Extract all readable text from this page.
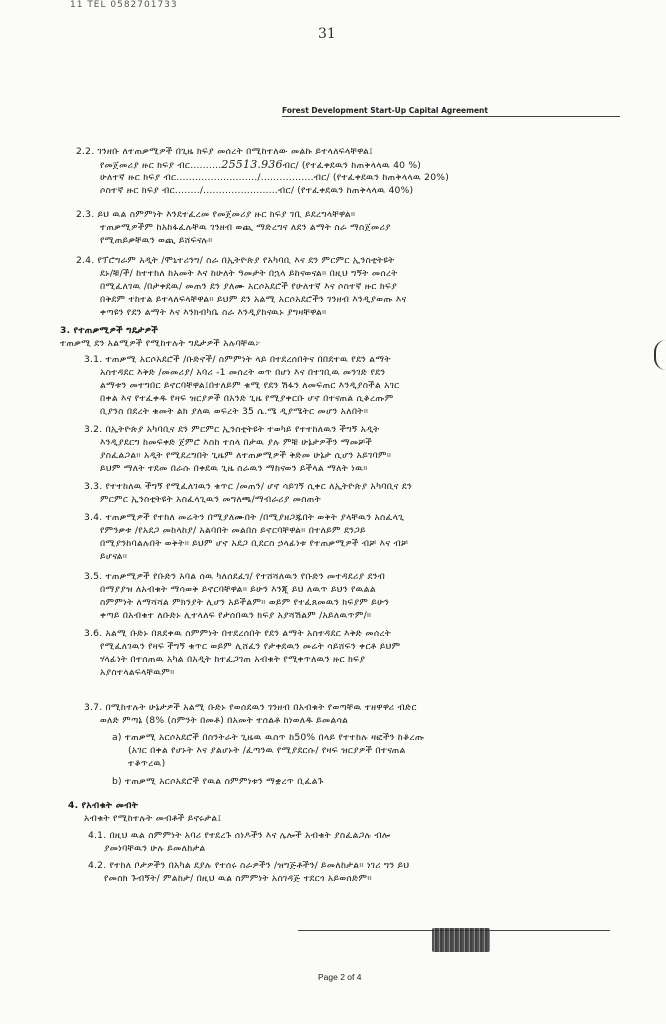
11 TEL 0582701733
31
Forest Development Start-Up Capital Agreement
2.2. ገንዘቡ ለተጠቃሚዎች በጊዜ ክፍያ መሰረት በሚከተለው መልኩ ይተላለፍላቸዋል፤
የመጀመሪያ ዙር ክፍያ ብር..........25513.936ብር/ (የተፈቀደዉን ከጠቅላላዉ 40 %)
ሁለተኛ ዙር ክፍያ ብር........................../.................ብር/ (የተፈቀደዉን ከጠቅላላዉ 20%)
ሶስተኛ ዙር ክፍያ ብር......../........................ብር/ (የተፈቀደዉን ከጠቅላላዉ 40%)
2.3. ይህ ዉል ስምምነት እንደተፈረመ የመጀመሪያ ዙር ክፍያ ገቢ ይደረግላቸዋል።
ተጠቃሚዎችም ከአከፋፈሉቸዉ ገንዘብ ወጪ ማድረግና ለደን ልማት ስራ ማስጀመሪያ
የሚጠይቃቸዉን ወጪ ይሸፍናሉ።
2.4. የፕሮግራም አዲት /ሞኒተሪንግ/ ስራ በኢትዮጵያ የአካባቢ እና ደን ምርምር ኢንስቲትዩት
ደኑ/ቹ/ች/ ከተተከለ ከአመት እና ከሁለት ዓመታት በኋላ ይከናወናል። በዚህ ግኝት መሰረት
በሚፈለገዉ /በታቀደዉ/ መጠን ደን ያለሙ አርሶአደሮች የሁለተኛ እና ሶስተኛ ዙር ክፍያ
በቅደም ተከተል ይተላለፍላቸዋል። ይህም ደን አልሚ አርሶአደሮችን ገንዘብ እንዲያወጡ እና
ቀጣዩን የደን ልማት እና እንክብካቤ ስራ እንዲያከናዉኑ ያግዛቸዋል።
3. የተጠቃሚዎች ግዴታዎች
ተጠቃሚ ደን አልሚዎች የሚከተሉት ግዴታዎች አሉባቸዉ፦
3.1. ተጠቃሚ አርሶአደሮች /ቡድኖች/ ስምምነት ላይ በተደረሰበትና በበደተዉ የደን ልማት
አስተዳደር እቅድ /መመሪያ/ አባሪ -1 መሰረት ወጥ በሆነ እና በተገቢዉ መንገድ የደን
ልማቱን መተግበር ይኖርባቸዋል፤በተለይም ቁሚ የደን ሽፋን ለመፍጠር እንዲያስችል አገር
በቀል እና የተፈቀዱ የዛፍ ዝርያዎች በአንድ ጊዜ የሚያቀርቡ ሆኖ በተናጠል ሲቆረጡም
ቢያንስ በደረት ቁመት ልክ ያለዉ ወፍረት 35 ሴ.ሜ ዲያሜትር መሆን አለበት።
3.2. በኢትዮጵያ አካባቢና ደን ምርምር ኢንስቲትዩት ተወካይ የተተከለዉን ችግኝ አዲት
እንዲያደርግ ከመፍቀድ ጀምሮ እስከ ተስላ በታዉ ያሉ ምቹ ሁኔታዎችን ማመቻች
ያስፈልጋል። አዲት የሚደረግበት ጊዜም ለተጠቃሚዎች ቅድመ ሁኔታ ሲሆን አይገባም።
ይህም ማለት ተደመ በራሱ በቀደዉ ጊዜ ስራዉን ማከናወን ይችላል ማለት ነዉ።
3.3. የተተከለዉ ችግኝ የሚፈለገዉን ቁጥር /መጠን/ ሆኖ ሳይገኝ ሲቀር ለኢትዮጵያ አካባቢና ደን
ምርምር ኢንስቲትዩት አስፈላጊዉን መግለጫ/ማብራሪያ መስጠት
3.4. ተጠቃሚዎች የተከለ መሬትን በሚያለሙበት /በሚያዘጋጁበት ወቅት ያላቸዉን አስፈላጊ
የምንቃቱ /የአደጋ መከላከያ/ አልባበት መልበስ ይኖርባቸዋል። በተለይም ደንጋይ
በሚያንከባልሉበት ወቅት። ይህም ሆኖ አደጋ ቢደርስ ኃላፊነቱ የተጠቃሚዎች ብቻ እና ብቻ
ይሆናል።
3.5. ተጠቃሚዎች የቡድን አባል ሰዉ ካለሰደፈገ/ የተሸሻለዉን የቡድን መተዳደሪያ ደንብ
በማያያዝ ለአብቁት ማሳወቅ ይኖርባቸዋል። ይሁን እንጂ ይህ ለዉጥ ይህን የዉልል
ስምምነት ለማሻሻል ምክንያት ሊሆን አይችልም። ወይም የተፈጸመዉን ክፍያም ይሁን
ቀጣይ በአብቁተ ለቡድኑ ሊተላለፍ የታሰበዉን ክፍያ አያሻሽልም /አይለዉጥም/።
3.6. አልሚ ቡድኑ በጸደቀዉ ስምምነት በተደረሰበት የደን ልማት አስተዳደር እቅድ መሰረት
የሚፈለገዉን የዛፍ ችግኝ ቁጥር ወይም ሊሸፈን የታቀደዉን መሬት ሳይሸፍን ቀርቶ ይህም
ሃላፊነት በተሰጠዉ አካል በአዲት ከተፈጋገጠ አብቁት የሚቀጥለዉን ዙር ክፍያ
አያስተላልፍላቸዉም።
3.7. በሚከተሉት ሁኔታዎች አልሚ ቡድኑ የወሰደዉን ገንዘብ በአብቁት የወጣቸዉ ተዘዋዋሪ ብድር
ወለድ ምጣኔ (8% (ስምንት በመቶ) በአመት ተሰልቶ ከነወለዱ ይመልሳል
a) ተጠቃሚ አርሶአደሮች በስንትራት ጊዜዉ ዉስጥ ከ50% በላይ የተተከሉ ዛፎችን ከቆረጡ
(አገር በቀል የሆኑት እና ያልሆኑት /ፈጣንዉ የሚያደርሱ/ የዛፍ ዝርያዎች በተናጠል
ተቆጥረዉ)
b) ተጠቃሚ አርሶአደሮች የዉል ስምምነቱን ማቋረጥ ቢፈልጉ
4. የአብቁት መብት
አብቁት የሚከተሉት መብቶች ይኖሩታል፤
4.1. በዚህ ዉል ስምምነት አባሪ የተደረጉ ሰነዶችን እና ሌሎች አብቁት ያስፈልጋሉ ብሎ
ያመነባቸዉን ሁሉ ይመለከታል
4.2. የተከለ ቦታዎችን በአካል ደያሉ የተሰሩ ስራዎችን /ዝግጅቶችን/ ይመለከታል። ነገሪ ግን ይህ
የመስክ ጉብኝት/ ምልከታ/ በዚህ ዉል ስምምነት አስገዳጅ ተደርጎ አይወሰድም።
Page 2 of 4
